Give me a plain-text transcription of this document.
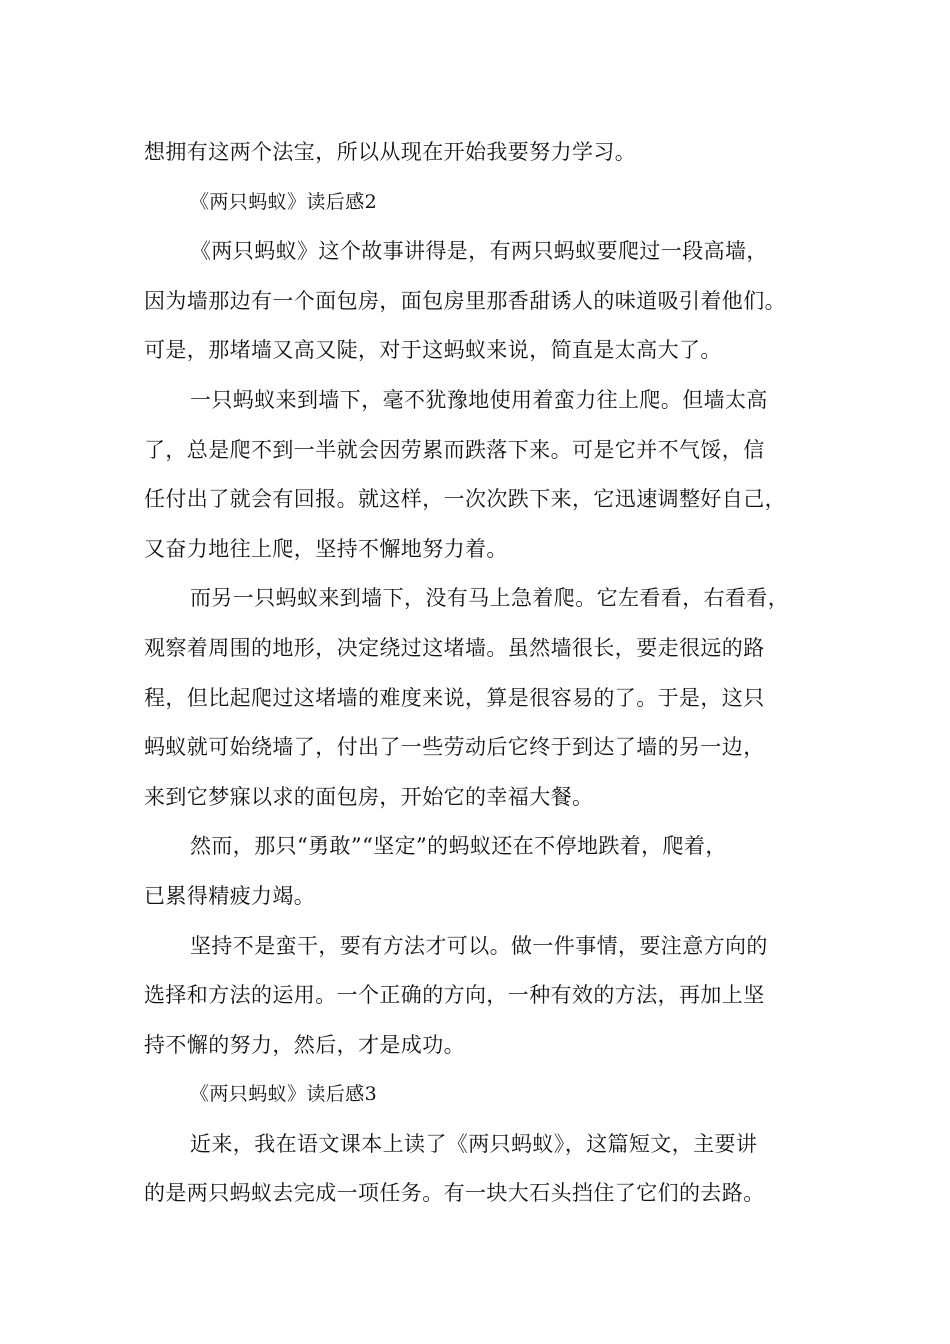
想拥有这两个法宝，所以从现在开始我要努力学习。
《两只蚂蚁》读后感2
《两只蚂蚁》这个故事讲得是，有两只蚂蚁要爬过一段高墙，
因为墙那边有一个面包房，面包房里那香甜诱人的味道吸引着他们。
可是，那堵墙又高又陡，对于这蚂蚁来说，简直是太高大了。
一只蚂蚁来到墙下，毫不犹豫地使用着蛮力往上爬。但墙太高
了，总是爬不到一半就会因劳累而跌落下来。可是它并不气馁，信
任付出了就会有回报。就这样，一次次跌下来，它迅速调整好自己，
又奋力地往上爬，坚持不懈地努力着。
而另一只蚂蚁来到墙下，没有马上急着爬。它左看看，右看看，
观察着周围的地形，决定绕过这堵墙。虽然墙很长，要走很远的路
程，但比起爬过这堵墙的难度来说，算是很容易的了。于是，这只
蚂蚁就可始绕墙了，付出了一些劳动后它终于到达了墙的另一边，
来到它梦寐以求的面包房，开始它的幸福大餐。
然而，那只“勇敢”“坚定”的蚂蚁还在不停地跌着，爬着，
已累得精疲力竭。
坚持不是蛮干，要有方法才可以。做一件事情，要注意方向的
选择和方法的运用。一个正确的方向，一种有效的方法，再加上坚
持不懈的努力，然后，才是成功。
《两只蚂蚁》读后感3
近来，我在语文课本上读了《两只蚂蚁》，这篇短文，主要讲
的是两只蚂蚁去完成一项任务。有一块大石头挡住了它们的去路。
